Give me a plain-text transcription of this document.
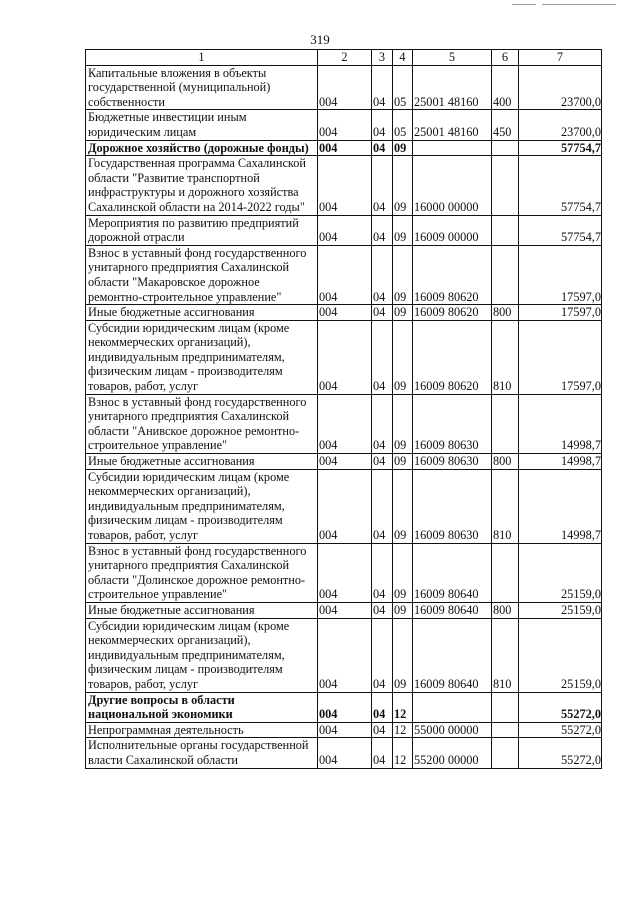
319
1	2	3	4	5	6	7
Капитальные вложения в объекты государственной (муниципальной) собственности	004	04	05	25001 48160	400	23700,0
Бюджетные инвестиции иным юридическим лицам	004	04	05	25001 48160	450	23700,0
Дорожное хозяйство (дорожные фонды)	004	04	09			57754,7
Государственная программа Сахалинской области "Развитие транспортной инфраструктуры и дорожного хозяйства Сахалинской области на 2014-2022 годы"	004	04	09	16000 00000		57754,7
Мероприятия по развитию предприятий дорожной отрасли	004	04	09	16009 00000		57754,7
Взнос в уставный фонд государственного унитарного предприятия Сахалинской области "Макаровское дорожное ремонтно-строительное управление"	004	04	09	16009 80620		17597,0
Иные бюджетные ассигнования	004	04	09	16009 80620	800	17597,0
Субсидии юридическим лицам (кроме некоммерческих организаций), индивидуальным предпринимателям, физическим лицам - производителям товаров, работ, услуг	004	04	09	16009 80620	810	17597,0
Взнос в уставный фонд государственного унитарного предприятия Сахалинской области "Анивское дорожное ремонтно-строительное управление"	004	04	09	16009 80630		14998,7
Иные бюджетные ассигнования	004	04	09	16009 80630	800	14998,7
Субсидии юридическим лицам (кроме некоммерческих организаций), индивидуальным предпринимателям, физическим лицам - производителям товаров, работ, услуг	004	04	09	16009 80630	810	14998,7
Взнос в уставный фонд государственного унитарного предприятия Сахалинской области "Долинское дорожное ремонтно-строительное управление"	004	04	09	16009 80640		25159,0
Иные бюджетные ассигнования	004	04	09	16009 80640	800	25159,0
Субсидии юридическим лицам (кроме некоммерческих организаций), индивидуальным предпринимателям, физическим лицам - производителям товаров, работ, услуг	004	04	09	16009 80640	810	25159,0
Другие вопросы в области национальной экономики	004	04	12			55272,0
Непрограммная деятельность	004	04	12	55000 00000		55272,0
Исполнительные органы государственной власти Сахалинской области	004	04	12	55200 00000		55272,0
